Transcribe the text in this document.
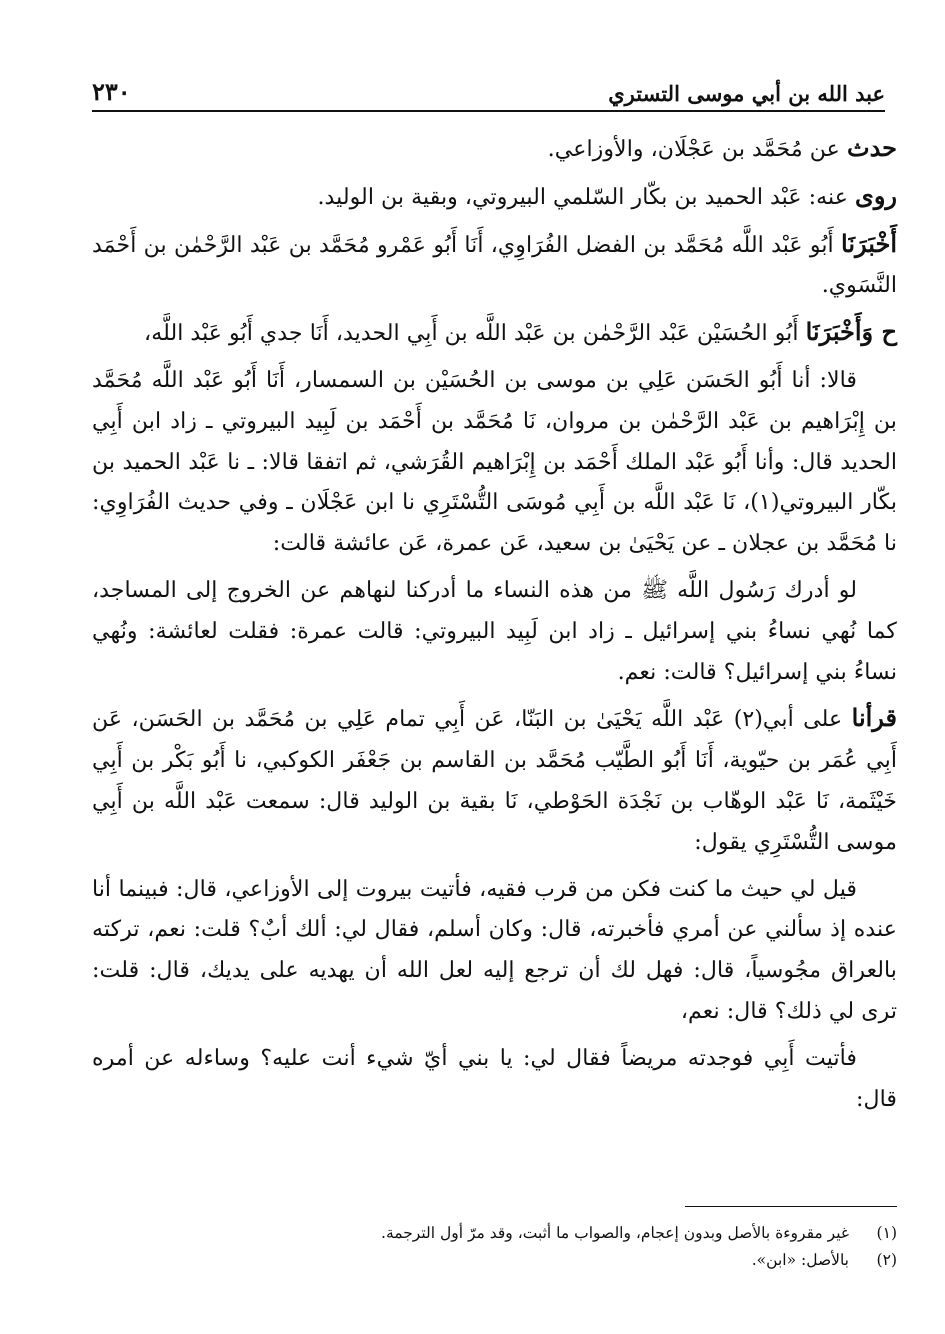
عبد الله بن أبي موسى التستري
٢٣٠

حدث عن مُحَمَّد بن عَجْلَان، والأوزاعي.

روى عنه: عَبْد الحميد بن بكّار السّلمي البيروتي، وبقية بن الوليد.

أَخْبَرَنَا أَبُو عَبْد اللَّه مُحَمَّد بن الفضل الفُرَاوِي، أَنَا أَبُو عَمْرو مُحَمَّد بن عَبْد الرَّحْمٰن بن أَحْمَد النَّسَوي.

ح وَأَخْبَرَنَا أَبُو الحُسَيْن عَبْد الرَّحْمٰن بن عَبْد اللَّه بن أَبِي الحديد، أَنَا جدي أَبُو عَبْد اللَّه،

قالا: أنا أَبُو الحَسَن عَلِي بن موسى بن الحُسَيْن بن السمسار، أَنَا أَبُو عَبْد اللَّه مُحَمَّد بن إِبْرَاهيم بن عَبْد الرَّحْمٰن بن مروان، نَا مُحَمَّد بن أَحْمَد بن لَبِيد البيروتي ـ زاد ابن أَبِي الحديد قال: وأنا أَبُو عَبْد الملك أَحْمَد بن إِبْرَاهيم القُرَشي، ثم اتفقا قالا: ـ نا عَبْد الحميد بن بكّار البيروتي(١)، نَا عَبْد اللَّه بن أَبِي مُوسَى التُّسْتَرِي نا ابن عَجْلَان ـ وفي حديث الفُرَاوِي: نا مُحَمَّد بن عجلان ـ عن يَحْيَىٰ بن سعيد، عَن عمرة، عَن عائشة قالت:

لو أدرك رَسُول اللَّه ﷺ من هذه النساء ما أدركنا لنهاهم عن الخروج إلى المساجد، كما نُهي نساءُ بني إسرائيل ـ زاد ابن لَبِيد البيروتي: قالت عمرة: فقلت لعائشة: ونُهي نساءُ بني إسرائيل؟ قالت: نعم.

قرأنا على أبي(٢) عَبْد اللَّه يَحْيَىٰ بن البَنّا، عَن أَبِي تمام عَلِي بن مُحَمَّد بن الحَسَن، عَن أَبِي عُمَر بن حيّوية، أَنَا أَبُو الطَّيّب مُحَمَّد بن القاسم بن جَعْفَر الكوكبي، نا أَبُو بَكْر بن أَبِي خَيْثَمة، نَا عَبْد الوهّاب بن نَجْدَة الحَوْطي، نَا بقية بن الوليد قال: سمعت عَبْد اللَّه بن أَبِي موسى التُّسْتَرِي يقول:

قيل لي حيث ما كنت فكن من قرب فقيه، فأتيت بيروت إلى الأوزاعي، قال: فبينما أنا عنده إذ سألني عن أمري فأخبرته، قال: وكان أسلم، فقال لي: ألك أبٌ؟ قلت: نعم، تركته بالعراق مجُوسياً، قال: فهل لك أن ترجع إليه لعل الله أن يهديه على يديك، قال: قلت: ترى لي ذلك؟ قال: نعم،

فأتيت أَبِي فوجدته مريضاً فقال لي: يا بني أيّ شيء أنت عليه؟ وساءله عن أمره قال:

(١)
غير مقروءة بالأصل وبدون إعجام، والصواب ما أثبت، وقد مرّ أول الترجمة.
(٢)
بالأصل: «ابن».
